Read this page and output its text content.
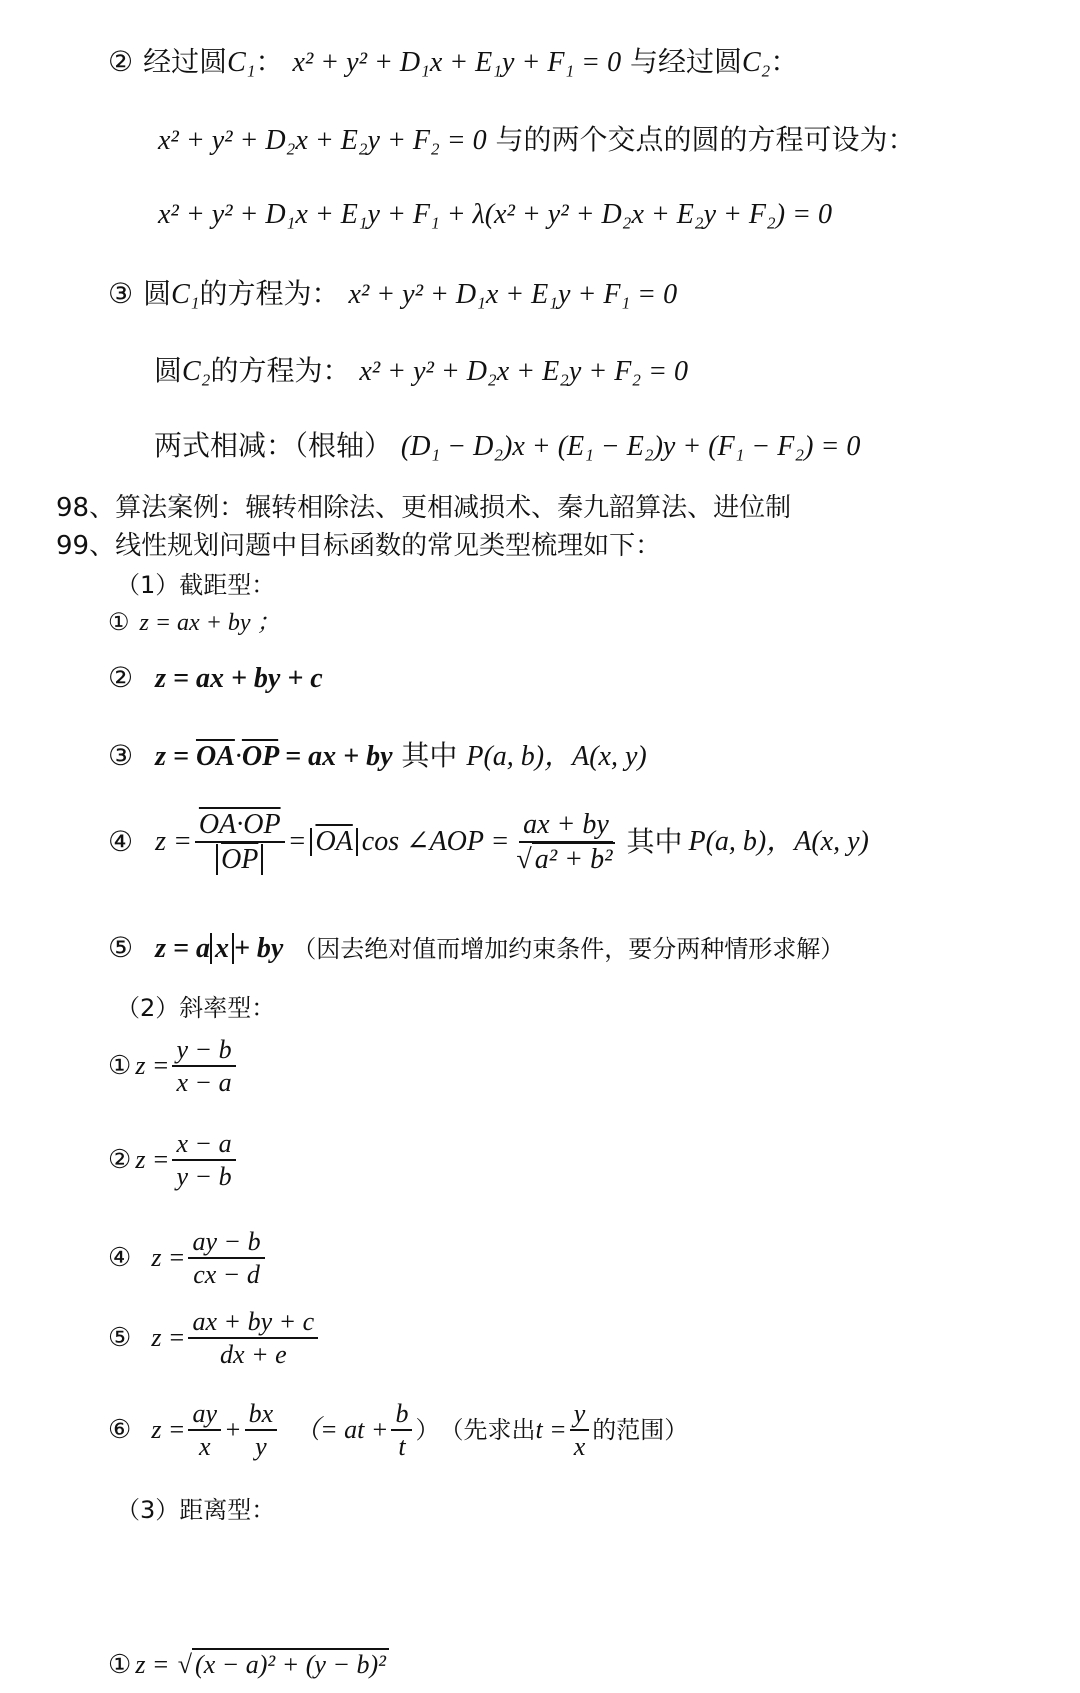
② 经过圆C₁： x² + y² + D₁x + E₁y + F₁ = 0 与经过圆C₂：
x² + y² + D₂x + E₂y + F₂ = 0 与的两个交点的圆的方程可设为：
x² + y² + D₁x + E₁y + F₁ + λ(x² + y² + D₂x + E₂y + F₂) = 0
③ 圆C₁的方程为： x² + y² + D₁x + E₁y + F₁ = 0
圆C₂的方程为： x² + y² + D₂x + E₂y + F₂ = 0
两式相减：（根轴） (D₁ − D₂)x + (E₁ − E₂)y + (F₁ − F₂) = 0
98、算法案例：辗转相除法、更相减损术、秦九韶算法、进位制
99、线性规划问题中目标函数的常见类型梳理如下：
（1）截距型：
① z = ax + by ；
② z = ax + by + c
③ $z = \overline{OA}\cdot\overline{OP}$ = ax + by 其中 P(a, b)，A(x, y)
④ $z = \frac{OA\cdot OP}{OP} = \overline{OA}$ cos ∠AOP = $\frac{ax + by}{\text{√ a² + b²}}$ 其中 P(a, b)，A(x, y)
⑤ z = a x + by （因去绝对值而增加约束条件，要分两种情形求解）
（2）斜率型：
① $z = \frac{y - b}{x - a}$
② $z = \frac{x - a}{y - b}$
④ $z = \frac{ay - b}{cx - d}$
⑤ $z = \frac{ax + by + c}{dx + e}$
⑥ $z = \frac{ay}{x} + \frac{bx}{y}$ （= at + $\frac{b}{t}$ ） （先求出 $t = \frac{y}{x}$ 的范围）
（3）距离型：
① z = √ (x − a)² + (y − b)²
